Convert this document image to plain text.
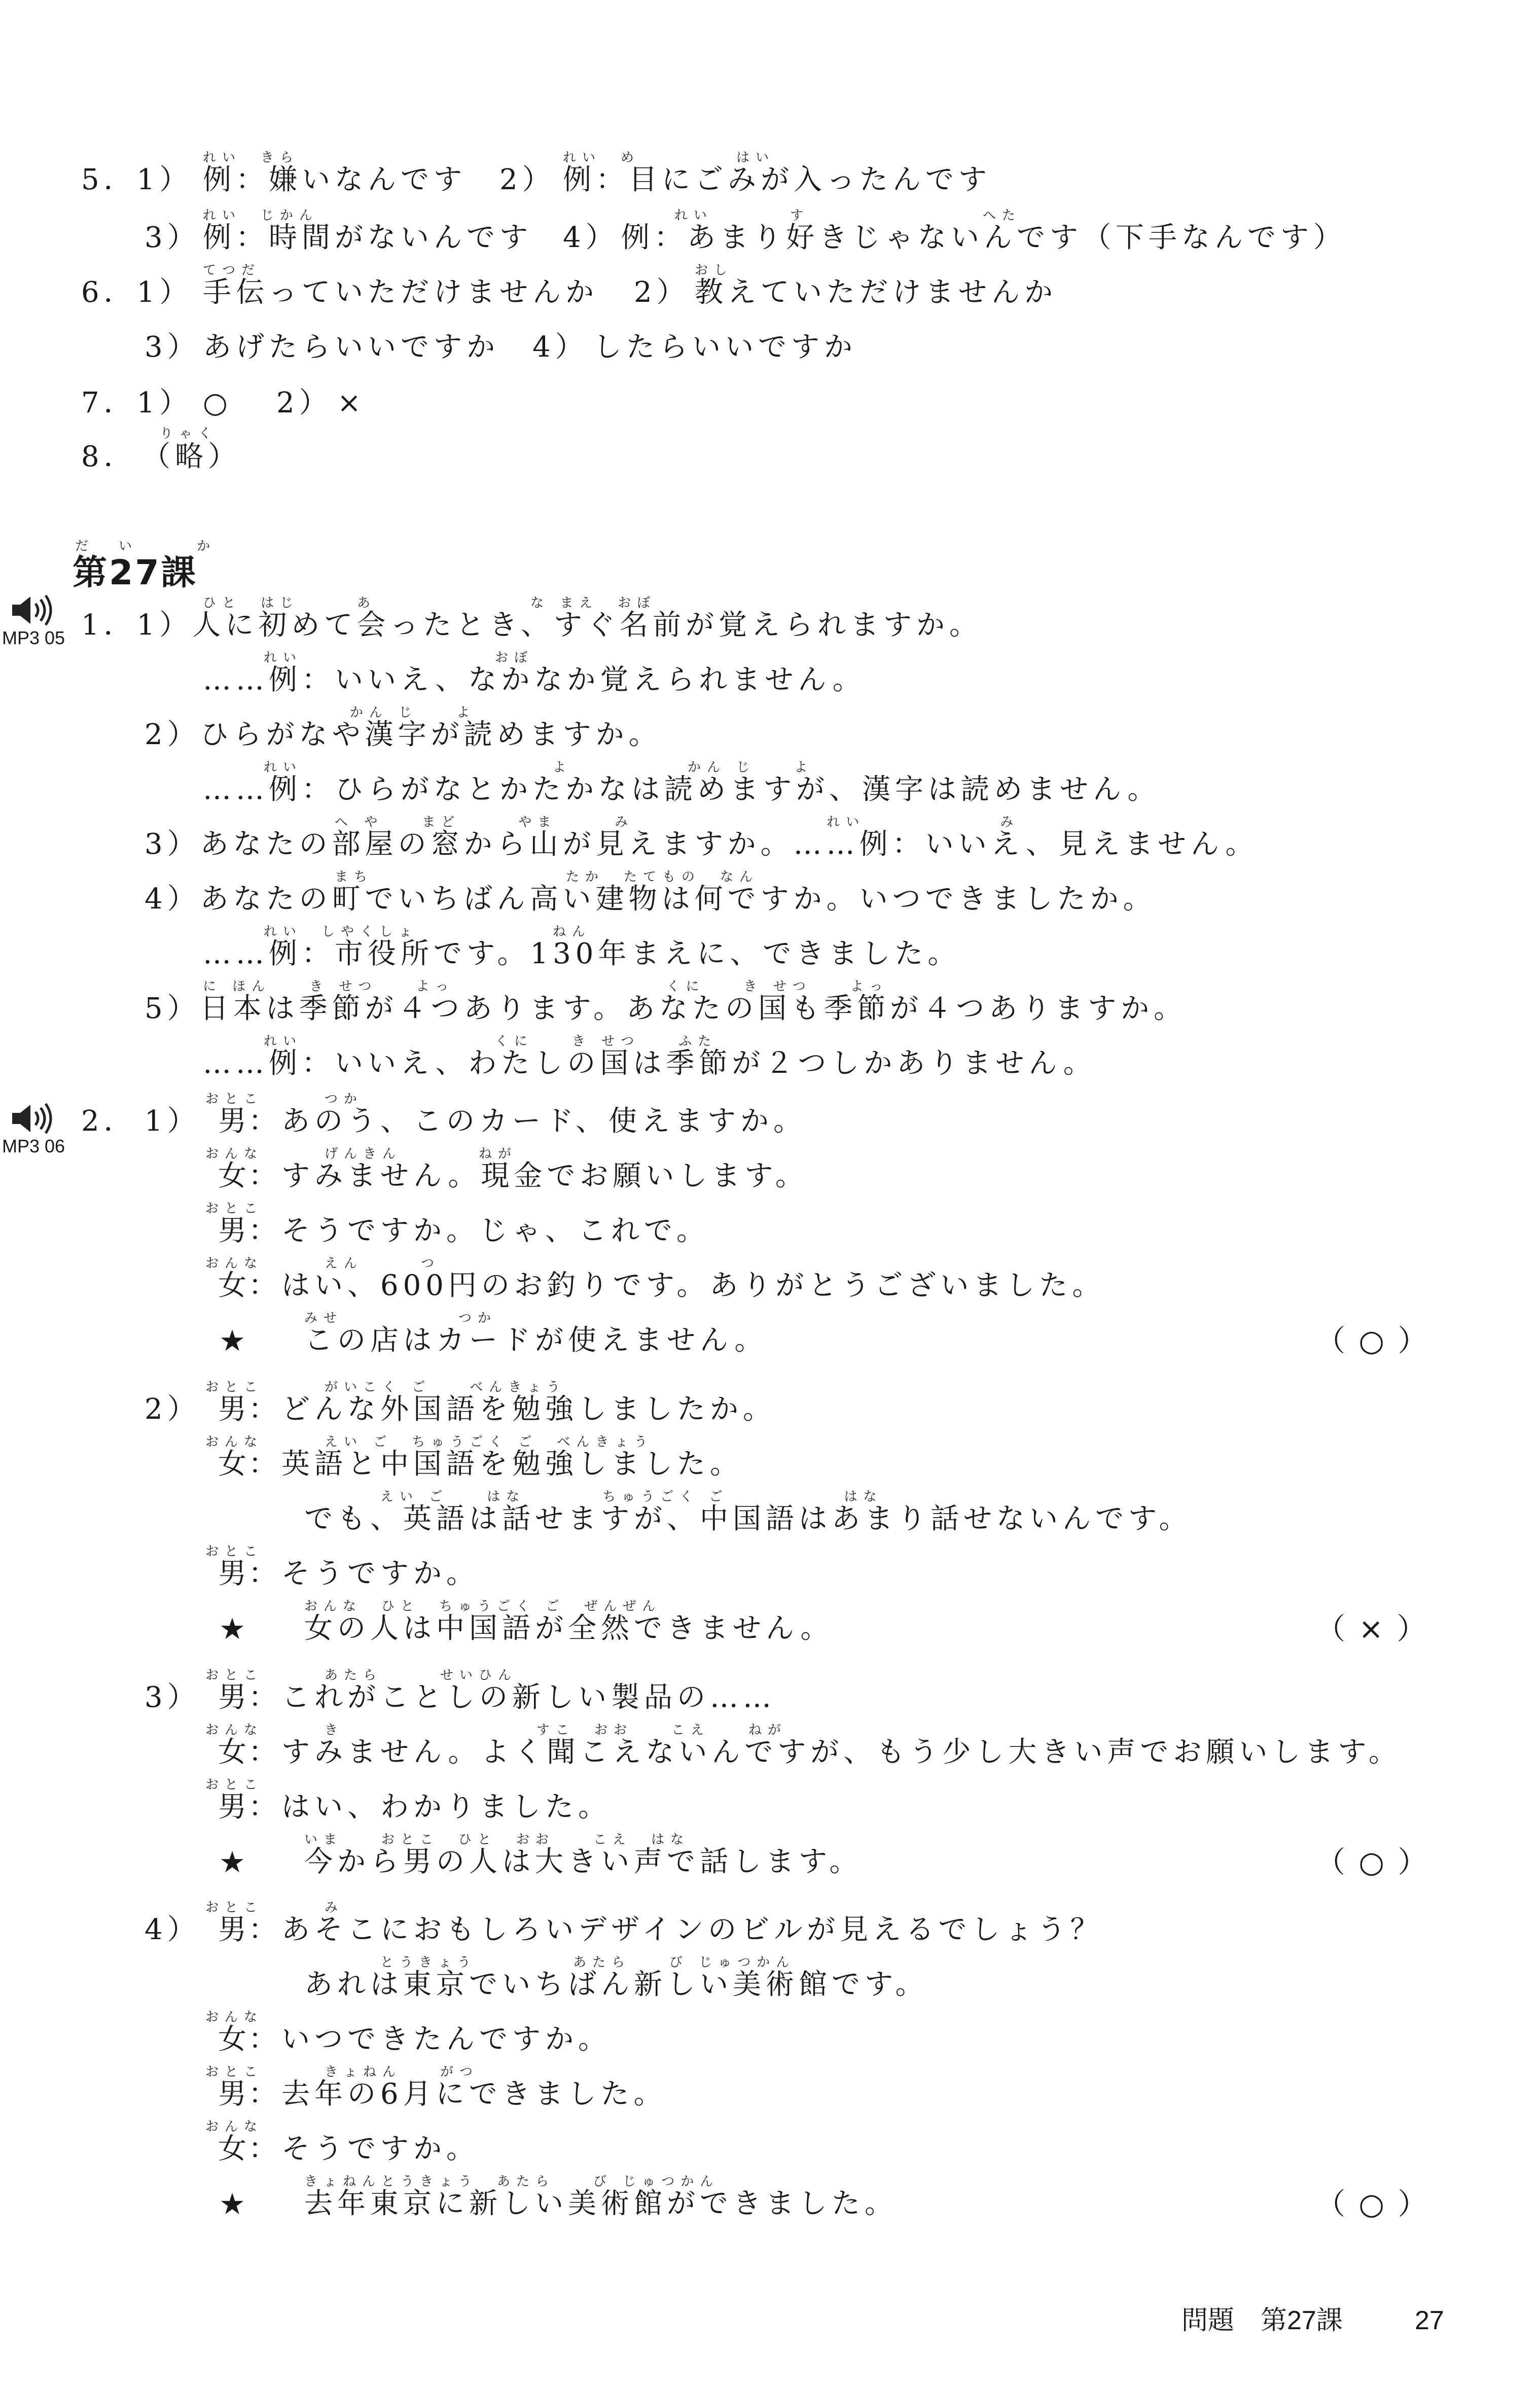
れい　きら	れい　め　　　　　はい
5．1） 例：嫌いなんです 2） 例：目にごみが入ったんです
れい　じかん	れい　　　　す　　　　　　　　　へた
3） 例：時間がないんです 4） 例：あまり好きじゃないんです（下手なんです）
てつだ	おし
6．1） 手伝っていただけませんか 2） 教えていただけませんか
3） あげたらいいですか 4） したらいいですか
7．1） ○ 2） ×
りゃく
8． （略）
だい か
第27課
MP3 05
MP3 06
ひと　はじ　　　あ　　　　　　　　な まえ　おぼ
1．1）人に初めて会ったとき、すぐ名前が覚えられますか。
れい　　　　　　　　　　おぼ
……例：いいえ、なかなか覚えられません。
かん じ　　よ
2）ひらがなや漢字が読めますか。
れい　　　　　　　　　　　　　よ　　　　　　かん じ　　よ
……例：ひらがなとかたかなは読めますが、漢字は読めません。
へ や　　まど　　　やま　　　み　　　　　　　　　　れい　　　　　　　み
3）あなたの部屋の窓から山が見えますか。……例：いいえ、見えません。
まち　　　　　　　　　　たか　たてもの　なん
4）あなたの町でいちばん高い建物は何ですか。いつできましたか。
れい　しやくしょ　　　　　　　ねん
……例：市役所です。130年まえに、できました。
に ほん　　き せつ　　よっ　　　　　　　　　　　くに　　き せつ　　よっ
5）日本は季節が４つあります。あなたの国も季節が４つありますか。
れい　　　　　　　　　　くに　　き せつ　　ふた
……例：いいえ、わたしの国は季節が２つしかありません。
1）
おとこ
男
つか
：あのう、このカード、使えますか。
おんな
女
げんきん　　　　ねが
：すみません。現金でお願いします。
おとこ
男
：そうですか。じゃ、これで。
おんな
女
えん　　　つ
：はい、600円のお釣りです。ありがとうございました。
★
みせ　　　　　　つか
この店はカードが使えません。	（ ○ ）
2）
おとこ
男
がいこく ご　　べんきょう
：どんな外国語を勉強しましたか。
おんな
女
えい ご　ちゅうごく ご　べんきょう
：英語と中国語を勉強しました。
えい ご　　はな　　　　ちゅうごく ご　　　　　　はな
でも、英語は話せますが、中国語はあまり話せないんです。
おとこ
男
：そうですか。
★
おんな　ひと　ちゅうごく ご　ぜんぜん
女の人は中国語が全然できません。	（ × ）
3）
おとこ
男
あたら　　　せいひん
：これがことしの新しい製品の……
おんな
女
き　　　　　　　　　　すこ　おお　　こえ　　ねが
：すみません。よく聞こえないんですが、もう少し大きい声でお願いします。
おとこ
男
：はい、わかりました。
★
いま　　おとこ　ひと　おお　　こえ　はな
今から男の人は大きい声で話します。	（ ○ ）
4）
おとこ
男
み
：あそこにおもしろいデザインのビルが見えるでしょう？
とうきょう　　　　　あたら　　び じゅつかん
あれは東京でいちばん新しい美術館です。
おんな
女
：いつできたんですか。
おとこ
男
きょねん　　がつ
：去年の6月にできました。
おんな
女
：そうですか。
★
きょねんとうきょう　あたら　　び じゅつかん
去年東京に新しい美術館ができました。	（ ○ ）
2．
問題　第27課	27
